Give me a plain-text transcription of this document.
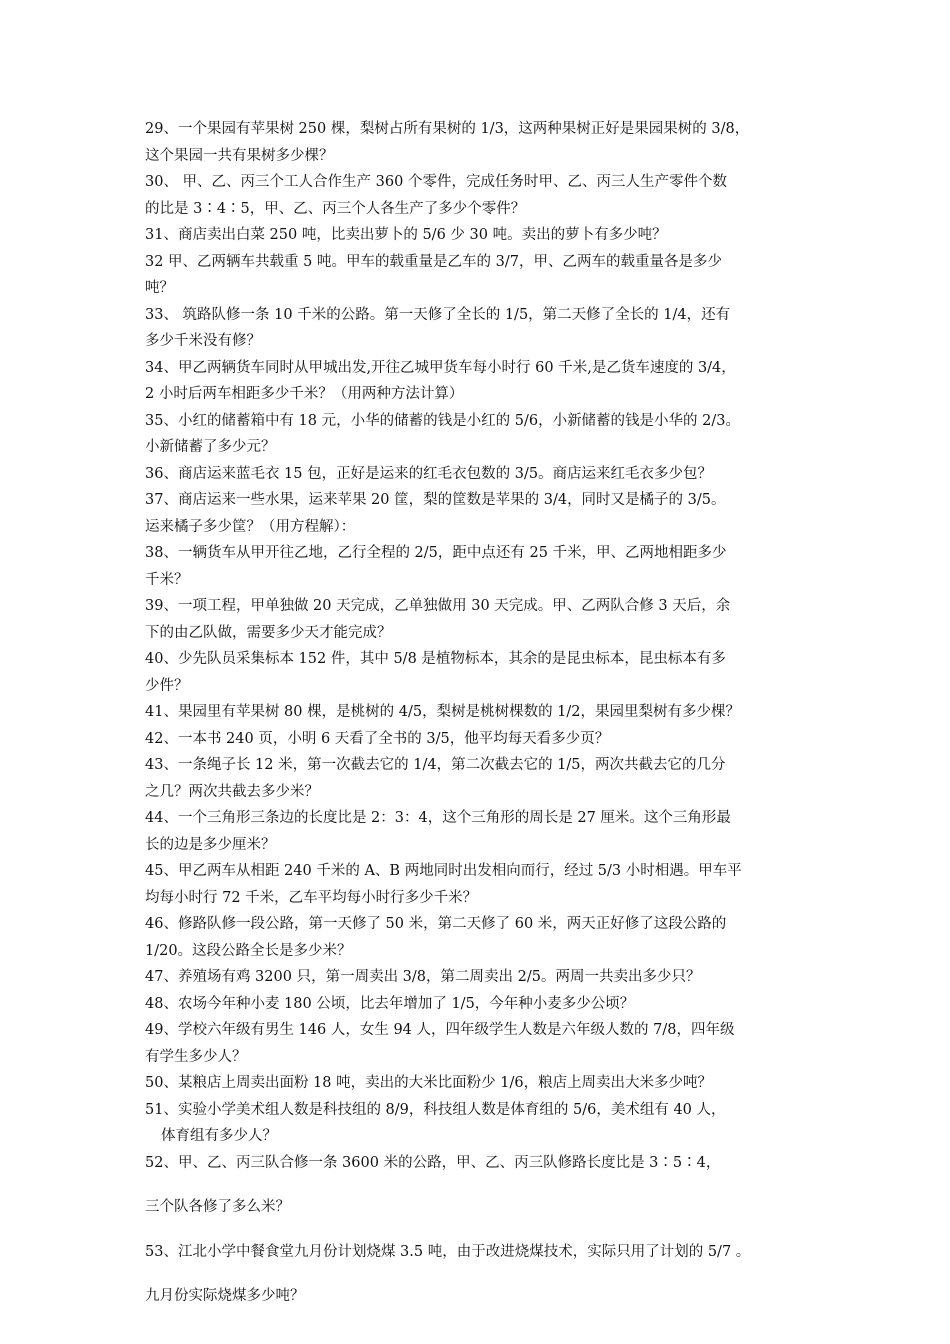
29、一个果园有苹果树 250 棵，梨树占所有果树的 1/3，这两种果树正好是果园果树的 3/8，
这个果园一共有果树多少棵？
30、 甲、乙、丙三个工人合作生产 360 个零件，完成任务时甲、乙、丙三人生产零件个数
的比是 3∶4∶5，甲、乙、丙三个人各生产了多少个零件？
31、商店卖出白菜 250 吨，比卖出萝卜的 5/6 少 30 吨。卖出的萝卜有多少吨？
32 甲、乙两辆车共载重 5 吨。甲车的载重量是乙车的 3/7，甲、乙两车的载重量各是多少
吨？
33、 筑路队修一条 10 千米的公路。第一天修了全长的 1/5，第二天修了全长的 1/4，还有
多少千米没有修？
34、甲乙两辆货车同时从甲城出发,开往乙城甲货车每小时行 60 千米,是乙货车速度的 3/4，
2 小时后两车相距多少千米？（用两种方法计算）
35、小红的储蓄箱中有 18 元，小华的储蓄的钱是小红的 5/6，小新储蓄的钱是小华的 2/3。
小新储蓄了多少元？
36、商店运来蓝毛衣 15 包，正好是运来的红毛衣包数的 3/5。商店运来红毛衣多少包？
37、商店运来一些水果，运来苹果 20 筐，梨的筐数是苹果的 3/4，同时又是橘子的 3/5。
运来橘子多少筐？（用方程解）：
38、一辆货车从甲开往乙地，乙行全程的 2/5，距中点还有 25 千米，甲、乙两地相距多少
千米？
39、一项工程，甲单独做 20 天完成，乙单独做用 30 天完成。甲、乙两队合修 3 天后，余
下的由乙队做，需要多少天才能完成？
40、少先队员采集标本 152 件，其中 5/8 是植物标本，其余的是昆虫标本，昆虫标本有多
少件？
41、果园里有苹果树 80 棵，是桃树的 4/5，梨树是桃树棵数的 1/2，果园里梨树有多少棵？
42、一本书 240 页，小明 6 天看了全书的 3/5，他平均每天看多少页？
43、一条绳子长 12 米，第一次截去它的 1/4，第二次截去它的 1/5，两次共截去它的几分
之几？两次共截去多少米？
44、一个三角形三条边的长度比是 2：3：4，这个三角形的周长是 27 厘米。这个三角形最
长的边是多少厘米？
45、甲乙两车从相距 240 千米的 A、B 两地同时出发相向而行，经过 5/3 小时相遇。甲车平
均每小时行 72 千米，乙车平均每小时行多少千米？
46、修路队修一段公路，第一天修了 50 米，第二天修了 60 米，两天正好修了这段公路的
1/20。这段公路全长是多少米？
47、养殖场有鸡 3200 只，第一周卖出 3/8，第二周卖出 2/5。两周一共卖出多少只？
48、农场今年种小麦 180 公顷，比去年增加了 1/5，今年种小麦多少公顷？
49、学校六年级有男生 146 人，女生 94 人，四年级学生人数是六年级人数的 7/8，四年级
有学生多少人？
50、某粮店上周卖出面粉 18 吨，卖出的大米比面粉少 1/6，粮店上周卖出大米多少吨？
51、实验小学美术组人数是科技组的 8/9，科技组人数是体育组的 5/6，美术组有 40 人，
体育组有多少人？
52、甲、乙、丙三队合修一条 3600 米的公路，甲、乙、丙三队修路长度比是 3∶5∶4，
三个队各修了多么米？
53、江北小学中餐食堂九月份计划烧煤 3.5 吨，由于改进烧煤技术，实际只用了计划的 5/7 。
九月份实际烧煤多少吨？
